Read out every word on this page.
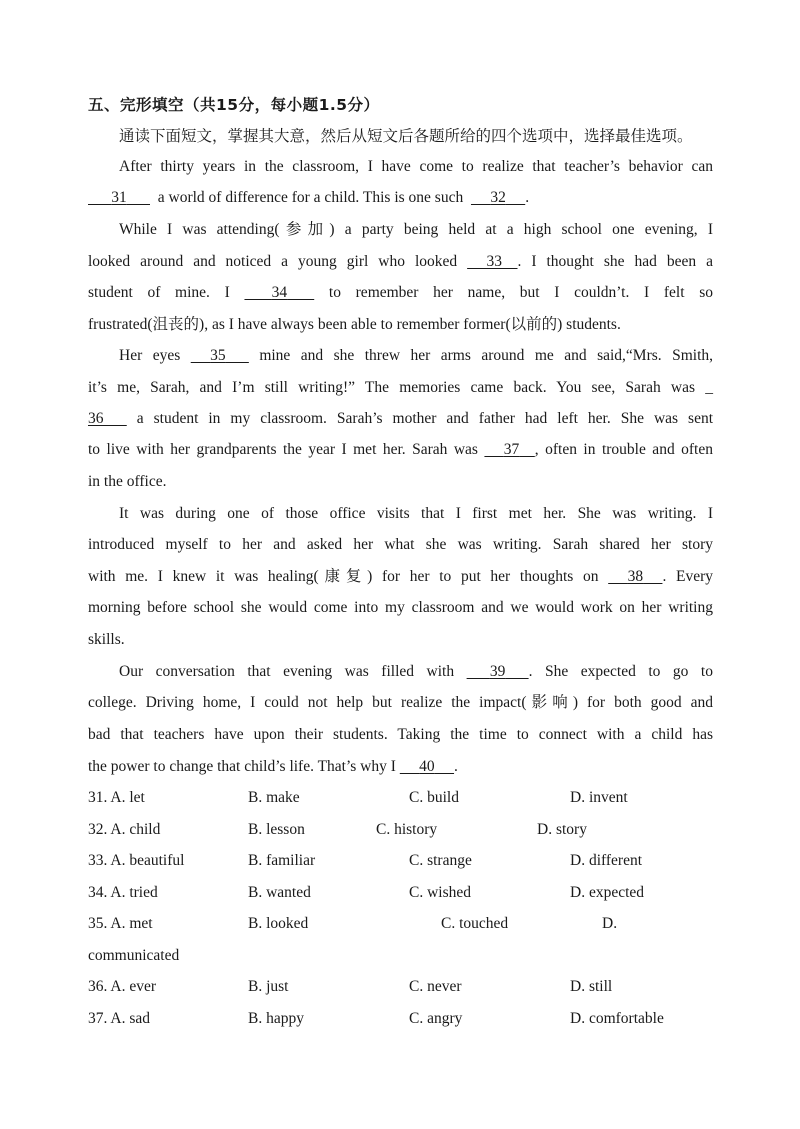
五、完形填空（共15分，每小题1.5分）
通读下面短文，掌握其大意，然后从短文后各题所给的四个选项中，选择最佳选项。
After thirty years in the classroom, I have come to realize that teacher’s behavior can
31 a world of difference for a child. This is one such 32 .
While I was attending(参加) a party being held at a high school one evening, I
looked around and noticed a young girl who looked 33 . I thought she had been a
student of mine. I	34	to remember her name, but I couldn’t. I felt so
frustrated(沮丧的), as I have always been able to remember former(以前的) students.
Her eyes 35 mine and she threw her arms around me and said,“Mrs. Smith,
it’s me, Sarah, and I’m still writing!” The memories came back. You see, Sarah was _
36 a student in my classroom. Sarah’s mother and father had left her. She was sent
to live with her grandparents the year I met her. Sarah was 37 , often in trouble and often
in the office.
It was during one of those office visits that I first met her. She was writing. I
introduced myself to her and asked her what she was writing. Sarah shared her story
with me. I knew it was healing(康复) for her to put her thoughts on 38 . Every
morning before school she would come into my classroom and we would work on her writing
skills.
Our conversation that evening was filled with 39 . She expected to go to
college. Driving home, I could not help but realize the impact(影响) for both good and
bad that teachers have upon their students. Taking the time to connect with a child has
the power to change that child’s life. That’s why I 40 .
31. A. let	B. make	C. build	D. invent
32. A. child	B. lesson	C. history	D. story
33. A. beautiful	B. familiar	C. strange	D. different
34. A. tried	B. wanted	C. wished	D. expected
35. A. met	B. looked	C. touched	D.
communicated
36. A. ever	B. just	C. never	D. still
37. A. sad	B. happy	C. angry	D. comfortable
